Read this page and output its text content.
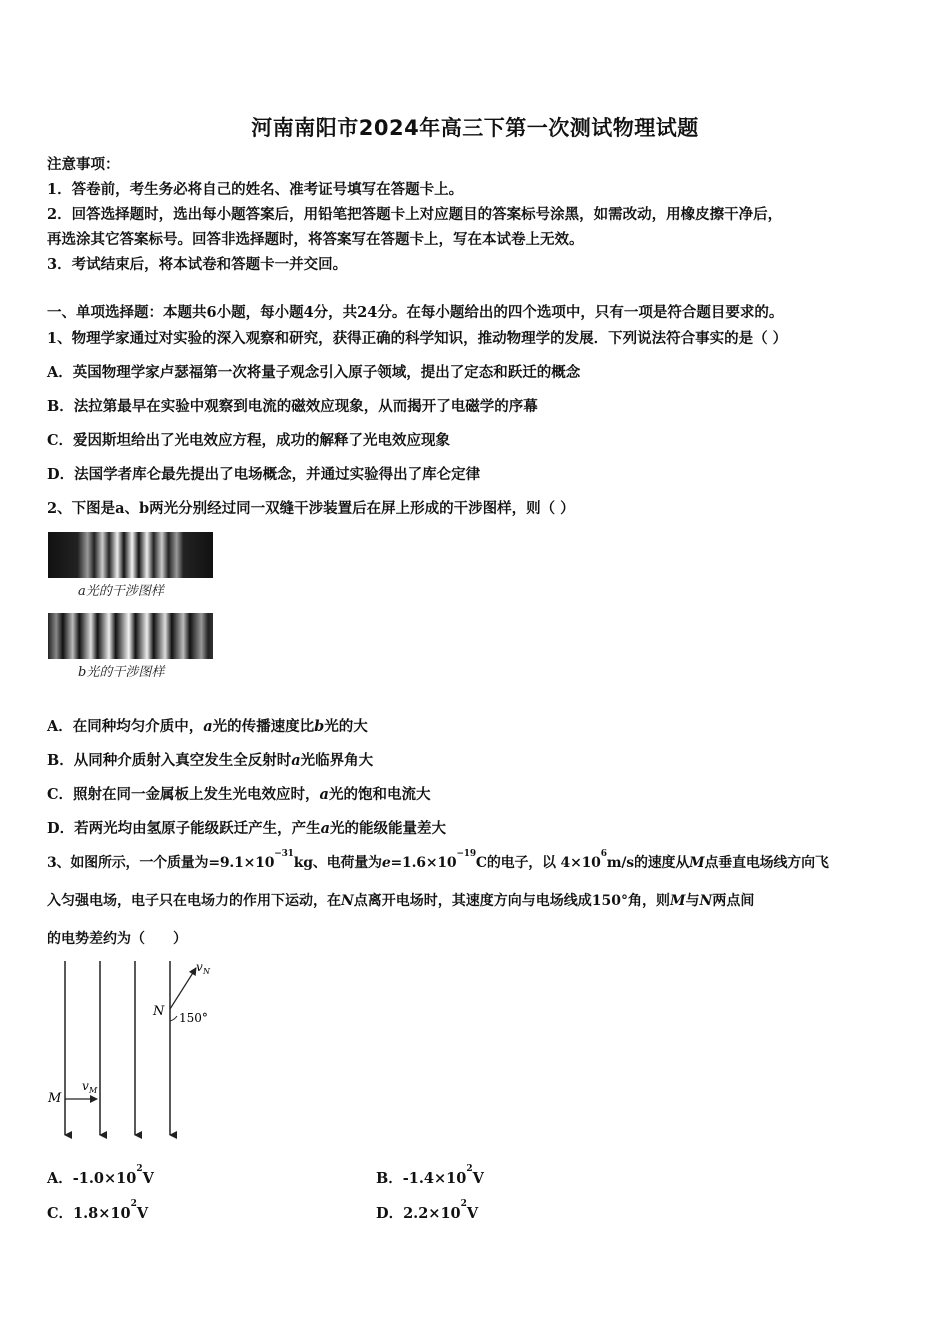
河南南阳市2024年高三下第一次测试物理试题
注意事项：
1．答卷前，考生务必将自己的姓名、准考证号填写在答题卡上。
2．回答选择题时，选出每小题答案后，用铅笔把答题卡上对应题目的答案标号涂黑，如需改动，用橡皮擦干净后，
再选涂其它答案标号。回答非选择题时，将答案写在答题卡上，写在本试卷上无效。
3．考试结束后，将本试卷和答题卡一并交回。
一、单项选择题：本题共6小题，每小题4分，共24分。在每小题给出的四个选项中，只有一项是符合题目要求的。
1、物理学家通过对实验的深入观察和研究，获得正确的科学知识，推动物理学的发展．下列说法符合事实的是（ ）
A．英国物理学家卢瑟福第一次将量子观念引入原子领域，提出了定态和跃迁的概念
B．法拉第最早在实验中观察到电流的磁效应现象，从而揭开了电磁学的序幕
C．爱因斯坦给出了光电效应方程，成功的解释了光电效应现象
D．法国学者库仑最先提出了电场概念，并通过实验得出了库仑定律
2、下图是a、b两光分别经过同一双缝干涉装置后在屏上形成的干涉图样，则（ ）
a光的干涉图样
b光的干涉图样
A．在同种均匀介质中，a光的传播速度比b光的大
B．从同种介质射入真空发生全反射时a光临界角大
C．照射在同一金属板上发生光电效应时，a光的饱和电流大
D．若两光均由氢原子能级跃迁产生，产生a光的能级能量差大
3、如图所示，一个质量为$=9.1\times 10^{-31}kg$、电荷量为$e=1.6\times 10^{-19}C$的电子，以 $4\times 10^6m/s$的速度从M点垂直电场线方向飞
入匀强电场，电子只在电场力的作用下运动，在N点离开电场时，其速度方向与电场线成150°角，则M与N两点间
的电势差约为（　　）
M
v M
N
v N
150°
A．$-1.0\times 10^2V$	B．$-1.4\times 10^2V$
C．$1.8\times 10^2V$	D．$2.2\times 10^2V$
